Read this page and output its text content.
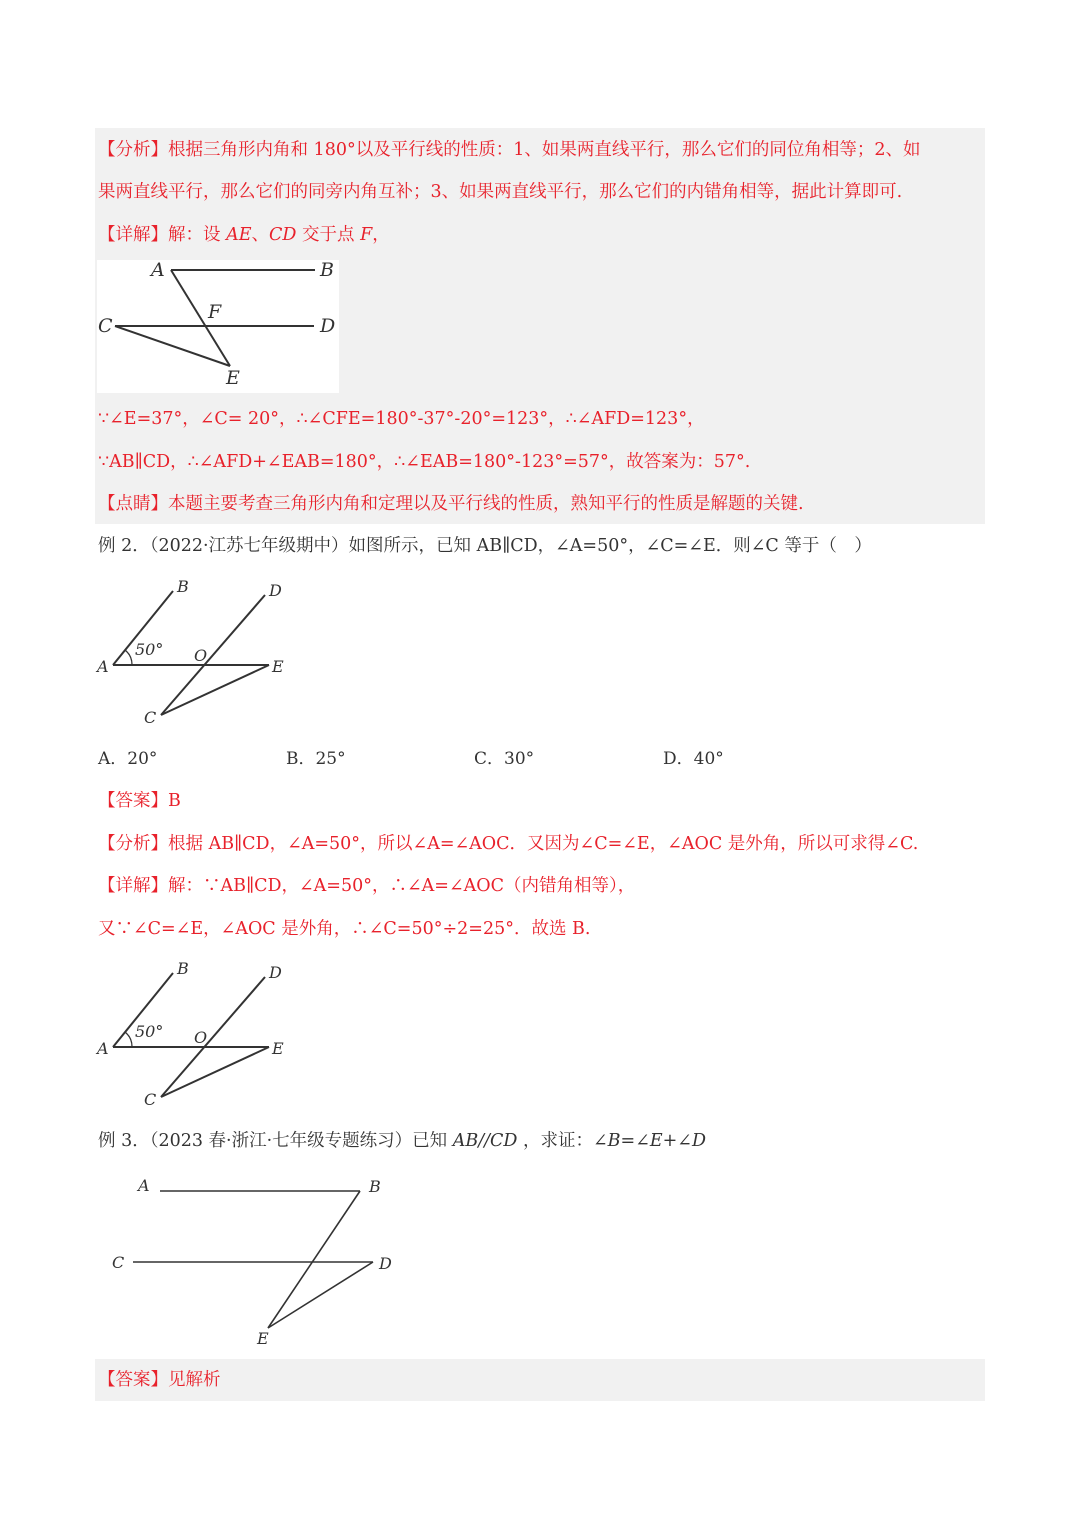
【分析】根据三角形内角和 180°以及平行线的性质：1、如果两直线平行，那么它们的同位角相等；2、如
果两直线平行，那么它们的同旁内角互补；3、如果两直线平行，那么它们的内错角相等，据此计算即可.
【详解】解：设 AE、CD 交于点 F，
A	B
C	D
F
E
∵∠E=37°，∠C= 20°，∴∠CFE=180°-37°-20°=123°，∴∠AFD=123°，
∵AB∥CD，∴∠AFD+∠EAB=180°，∴∠EAB=180°-123°=57°，故答案为：57°.
【点睛】本题主要考查三角形内角和定理以及平行线的性质，熟知平行的性质是解题的关键.
例 2．（2022·江苏七年级期中）如图所示，已知 AB∥CD，∠A=50°，∠C=∠E．则∠C 等于（　）
50°
A
B	D
O
E
C
A．20°	B．25°	C．30°	D．40°
【答案】B
【分析】根据 AB∥CD，∠A=50°，所以∠A=∠AOC．又因为∠C=∠E，∠AOC 是外角，所以可求得∠C.
【详解】解：∵AB∥CD，∠A=50°，∴∠A=∠AOC（内错角相等），
又∵∠C=∠E，∠AOC 是外角，∴∠C=50°÷2=25°．故选 B.
50°
A
B	D
O
E
C
例 3．（2023 春·浙江·七年级专题练习）已知 AB//CD ，求证：∠B=∠E+∠D
A	B
C	D
E
【答案】见解析
